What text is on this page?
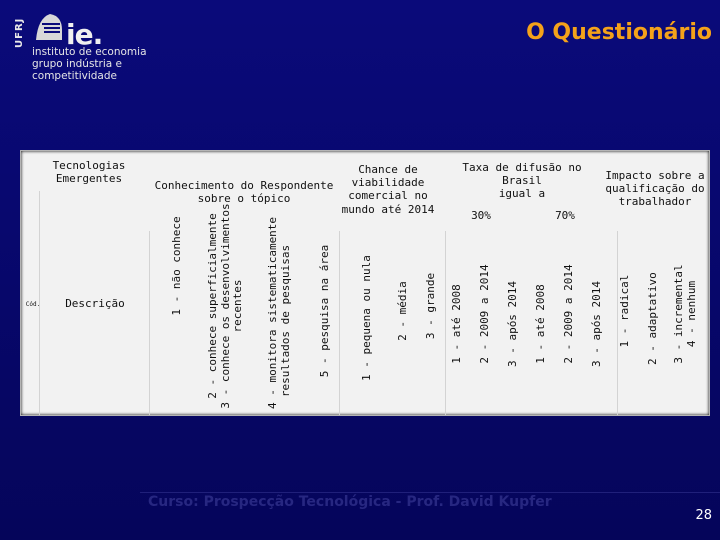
UFRJ ie.
instituto de economia
grupo indústria e competitividade
O Questionário
Tecnologias
Emergentes
Cód.	Descrição
Conhecimento do Respondente
sobre o tópico
1 - não conhece
2 - conhece superficialmente
3 - conhece os desenvolvimentos
recentes
4 - monitora sistematicamente
resultados de pesquisas 5 - pesquisa na área
Chance de
viabilidade
comercial no
mundo até 2014
1 - pequena ou nula 2 - média 3 - grande
Taxa de difusão no Brasil
igual a
30%	70%
1 - até 2008 2 - 2009 a 2014 3 - após 2014 1 - até 2008 2 - 2009 a 2014 3 - após 2014
Impacto sobre a
qualificação do
trabalhador
1 - radical 2 - adaptativo 3 - incremental
4 - nenhum
Curso: Prospecção Tecnológica - Prof. David Kupfer
28
